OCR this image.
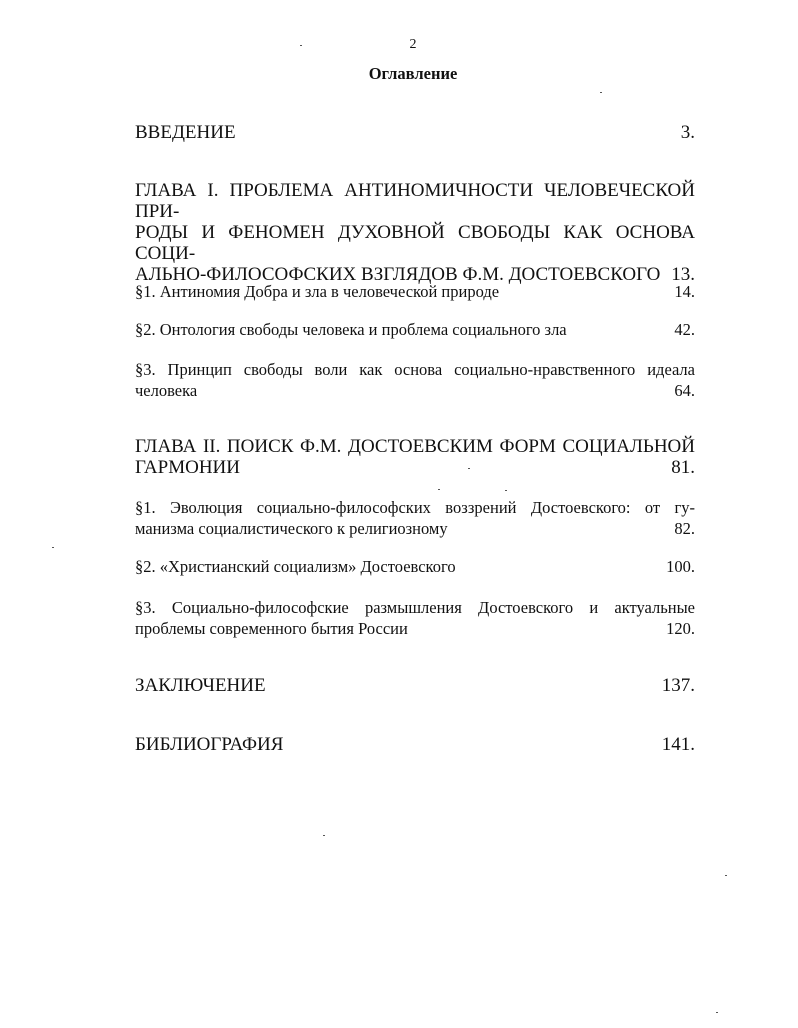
2
Оглавление
ВВЕДЕНИЕ	3.
ГЛАВА I. ПРОБЛЕМА АНТИНОМИЧНОСТИ ЧЕЛОВЕЧЕСКОЙ ПРИ-
РОДЫ И ФЕНОМЕН ДУХОВНОЙ СВОБОДЫ КАК ОСНОВА СОЦИ-
АЛЬНО-ФИЛОСОФСКИХ ВЗГЛЯДОВ Ф.М. ДОСТОЕВСКОГО 13.
§1. Антиномия Добра и зла в человеческой природе	14.
§2. Онтология свободы человека и проблема социального зла	42.
§3. Принцип свободы воли как основа социально-нравственного идеала
человека	64.
ГЛАВА II. ПОИСК Ф.М. ДОСТОЕВСКИМ ФОРМ СОЦИАЛЬНОЙ
ГАРМОНИИ	81.
§1. Эволюция социально-философских воззрений Достоевского: от гу-
манизма социалистического к религиозному	82.
§2. «Христианский социализм» Достоевского	100.
§3. Социально-философские размышления Достоевского и актуальные
проблемы современного бытия России	120.
ЗАКЛЮЧЕНИЕ	137.
БИБЛИОГРАФИЯ	141.
